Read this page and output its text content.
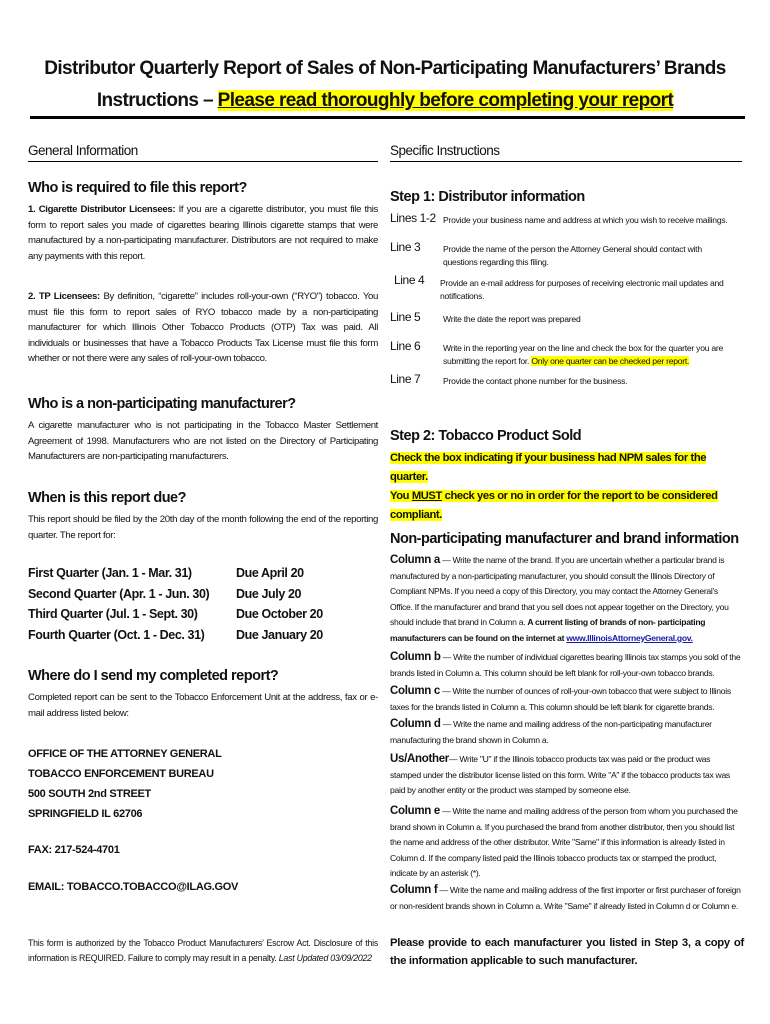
Distributor Quarterly Report of Sales of Non-Participating Manufacturers’ Brands
Instructions – Please read thoroughly before completing your report
General Information
Who is required to file this report?
1. Cigarette Distributor Licensees: If you are a cigarette distributor, you must file this form to report sales you made of cigarettes bearing Illinois cigarette stamps that were manufactured by a non-participating manufacturer. Distributors are not required to make any payments with this report.
2. TP Licensees: By definition, “cigarette” includes roll-your-own (“RYO”) tobacco. You must file this form to report sales of RYO tobacco made by a non-participating manufacturer for which Illinois Other Tobacco Products (OTP) Tax was paid. All individuals or businesses that have a Tobacco Products Tax License must file this form whether or not there were any sales of roll-your-own tobacco.
Who is a non-participating manufacturer?
A cigarette manufacturer who is not participating in the Tobacco Master Settlement Agreement of 1998. Manufacturers who are not listed on the Directory of Participating Manufacturers are non-participating manufacturers.
When is this report due?
This report should be filed by the 20th day of the month following the end of the reporting quarter. The report for:
First Quarter (Jan. 1 - Mar. 31)	Due April 20
Second Quarter (Apr. 1 - Jun. 30) Due July 20
Third Quarter (Jul. 1 - Sept. 30)	Due October 20
Fourth Quarter (Oct. 1 - Dec. 31)	Due January 20
Where do I send my completed report?
Completed report can be sent to the Tobacco Enforcement Unit at the address, fax or e-mail address listed below:
OFFICE OF THE ATTORNEY GENERAL
TOBACCO ENFORCEMENT BUREAU
500 SOUTH 2nd STREET
SPRINGFIELD IL 62706
FAX: 217-524-4701
EMAIL: TOBACCO.TOBACCO@ILAG.GOV
This form is authorized by the Tobacco Product Manufacturers’ Escrow Act. Disclosure of this information is REQUIRED. Failure to comply may result in a penalty. Last Updated 03/09/2022
Specific Instructions
Step 1: Distributor information
Lines 1-2 Provide your business name and address at which you wish to receive mailings.
Line 3	Provide the name of the person the Attorney General should contact with questions regarding this filing.
Line 4 Provide an e-mail address for purposes of receiving electronic mail updates and notifications.
Line 5	Write the date the report was prepared
Line 6	Write in the reporting year on the line and check the box for the quarter you are submitting the report for. Only one quarter can be checked per report.
Line 7	Provide the contact phone number for the business.
Step 2: Tobacco Product Sold
Check the box indicating if your business had NPM sales for the quarter.
You MUST check yes or no in order for the report to be considered
compliant.
Non-participating manufacturer and brand information
Column a — Write the name of the brand. If you are uncertain whether a particular brand is manufactured by a non-participating manufacturer, you should consult the Illinois Directory of Compliant NPMs. If you need a copy of this Directory, you may contact the Attorney General’s Office. If the manufacturer and brand that you sell does not appear together on the Directory, you should include that brand in Column a. A current listing of brands of non- participating manufacturers can be found on the internet at www.IllinoisAttorneyGeneral.gov.
Column b — Write the number of individual cigarettes bearing Illinois tax stamps you sold of the brands listed in Column a. This column should be left blank for roll-your-own tobacco brands.
Column c — Write the number of ounces of roll-your-own tobacco that were subject to Illinois taxes for the brands listed in Column a. This column should be left blank for cigarette brands.
Column d — Write the name and mailing address of the non-participating manufacturer manufacturing the brand shown in Column a.
Us/Another— Write "U" if the Illinois tobacco products tax was paid or the product was stamped under the distributor license listed on this form. Write "A" if the tobacco products tax was paid by another entity or the product was stamped by someone else.
Column e — Write the name and mailing address of the person from whom you purchased the brand shown in Column a. If you purchased the brand from another distributor, then you should list the name and address of the other distributor. Write "Same" if this information is already listed in Column d. If the company listed paid the Illinois tobacco products tax or stamped the product, indicate by an asterisk (*).
Column f — Write the name and mailing address of the first importer or first purchaser of foreign or non-resident brands shown in Column a. Write "Same" if already listed in Column d or Column e.
Please provide to each manufacturer you listed in Step 3, a copy of the information applicable to such manufacturer.
